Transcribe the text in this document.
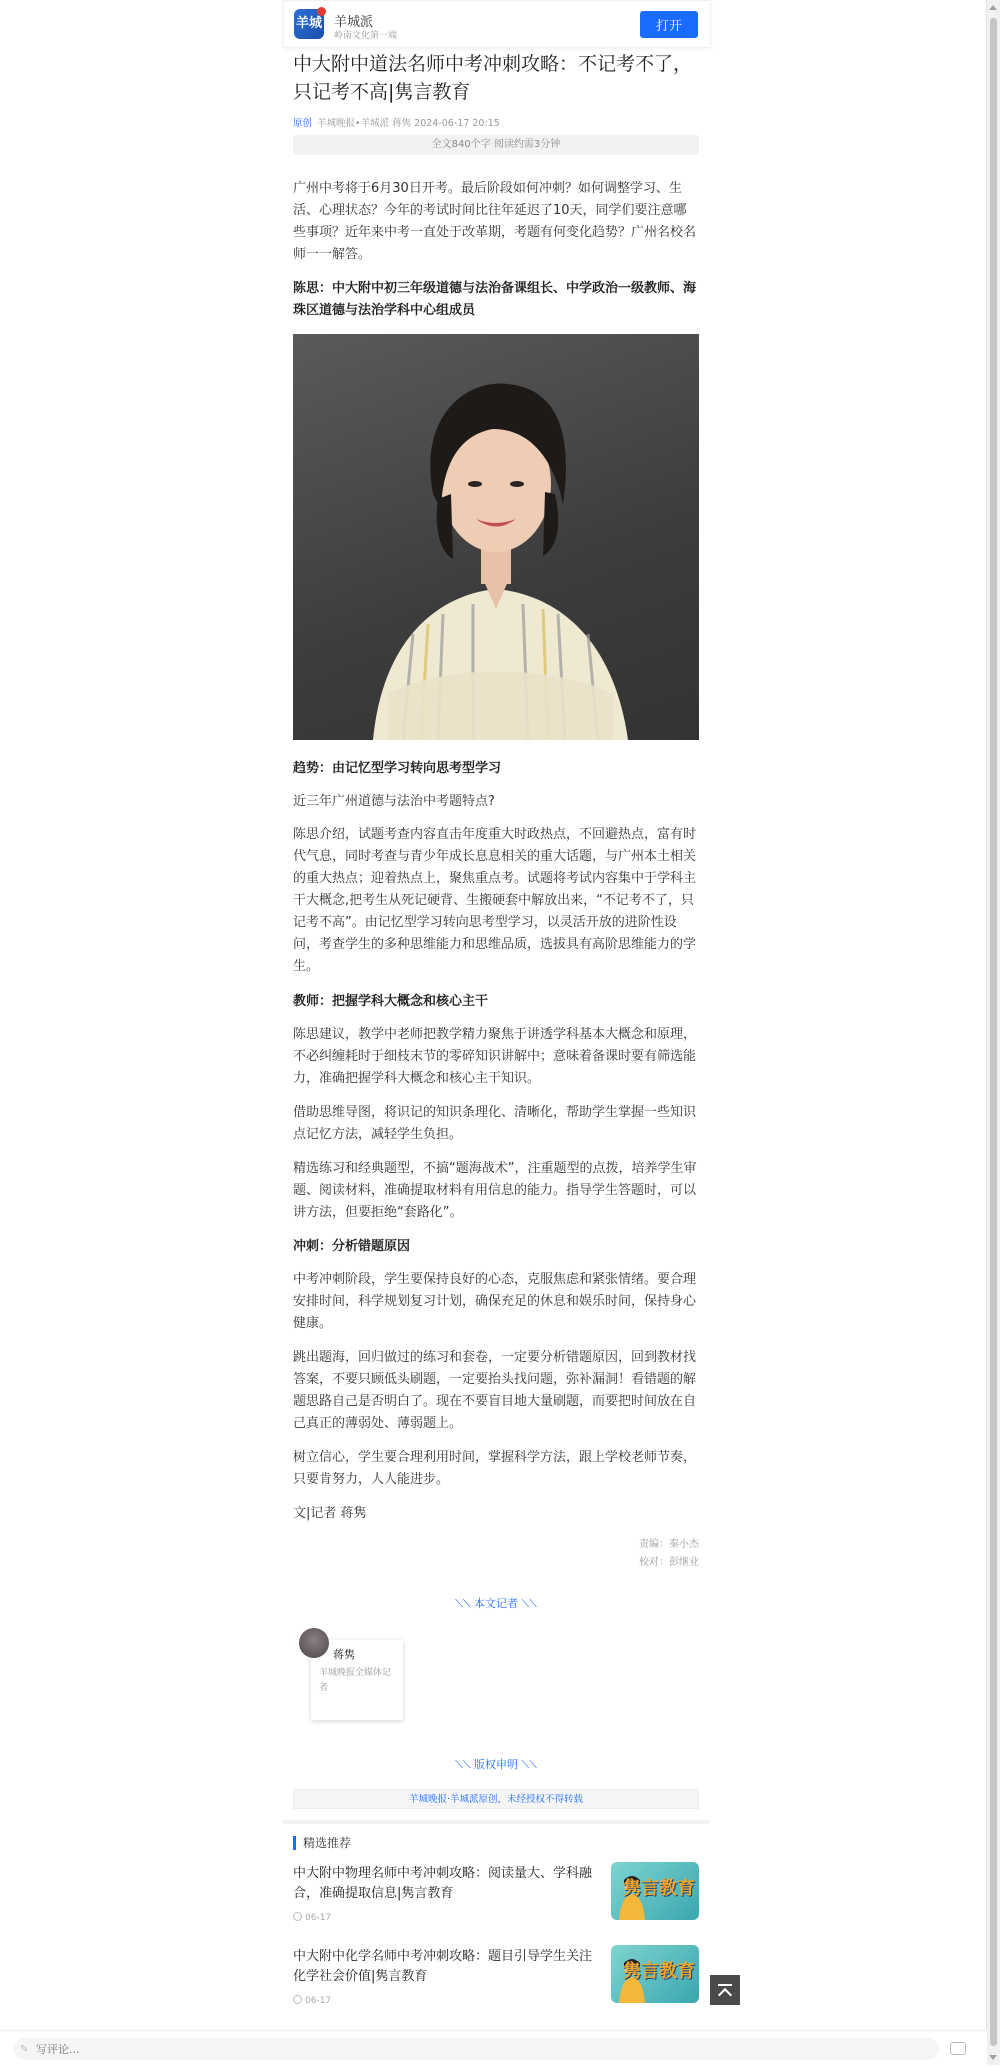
羊城 羊城派
岭南文化第一端
打开
中大附中道法名师中考冲刺攻略：不记考不了，只记考不高|隽言教育
原创 羊城晚报•羊城派 蒋隽 2024-06-17 20:15
全文840个字 阅读约需3分钟

广州中考将于6月30日开考。最后阶段如何冲刺？如何调整学习、生活、心理状态？今年的考试时间比往年延迟了10天，同学们要注意哪些事项？近年来中考一直处于改革期，考题有何变化趋势？广州名校名师一一解答。

陈思：中大附中初三年级道德与法治备课组长、中学政治一级教师、海珠区道德与法治学科中心组成员

趋势：由记忆型学习转向思考型学习

近三年广州道德与法治中考题特点?

陈思介绍，试题考查内容直击年度重大时政热点，不回避热点，富有时代气息，同时考查与青少年成长息息相关的重大话题，与广州本土相关的重大热点；迎着热点上，聚焦重点考。试题将考试内容集中于学科主干大概念,把考生从死记硬背、生搬硬套中解放出来，“不记考不了，只记考不高”。由记忆型学习转向思考型学习，以灵活开放的进阶性设问，考查学生的多种思维能力和思维品质，选拔具有高阶思维能力的学生。

教师：把握学科大概念和核心主干

陈思建议，教学中老师把教学精力聚焦于讲透学科基本大概念和原理，不必纠缠耗时于细枝末节的零碎知识讲解中；意味着备课时要有筛选能力，准确把握学科大概念和核心主干知识。

借助思维导图，将识记的知识条理化、清晰化，帮助学生掌握一些知识点记忆方法，减轻学生负担。

精选练习和经典题型，不搞“题海战术”，注重题型的点拨，培养学生审题、阅读材料，准确提取材料有用信息的能力。指导学生答题时，可以讲方法，但要拒绝“套路化”。

冲刺：分析错题原因

中考冲刺阶段，学生要保持良好的心态，克服焦虑和紧张情绪。要合理安排时间，科学规划复习计划，确保充足的休息和娱乐时间，保持身心健康。

跳出题海，回归做过的练习和套卷，一定要分析错题原因，回到教材找答案，不要只顾低头刷题，一定要抬头找问题，弥补漏洞！看错题的解题思路自己是否明白了。现在不要盲目地大量刷题，而要把时间放在自己真正的薄弱处、薄弱题上。

树立信心，学生要合理利用时间，掌握科学方法，跟上学校老师节奏，只要肯努力，人人能进步。

文|记者 蒋隽

责编：秦小杰
校对：彭继业
⟍⟍ 本文记者 ⟍⟍
蒋隽
羊城晚报全媒体记者
⟍⟍ 版权申明 ⟍⟍
羊城晚报·羊城派原创，未经授权不得转载
精选推荐
中大附中物理名师中考冲刺攻略：阅读量大、学科融合，准确提取信息|隽言教育
06-17
隽言教育
中大附中化学名师中考冲刺攻略：题目引导学生关注化学社会价值|隽言教育
06-17
隽言教育
写评论...
✎
